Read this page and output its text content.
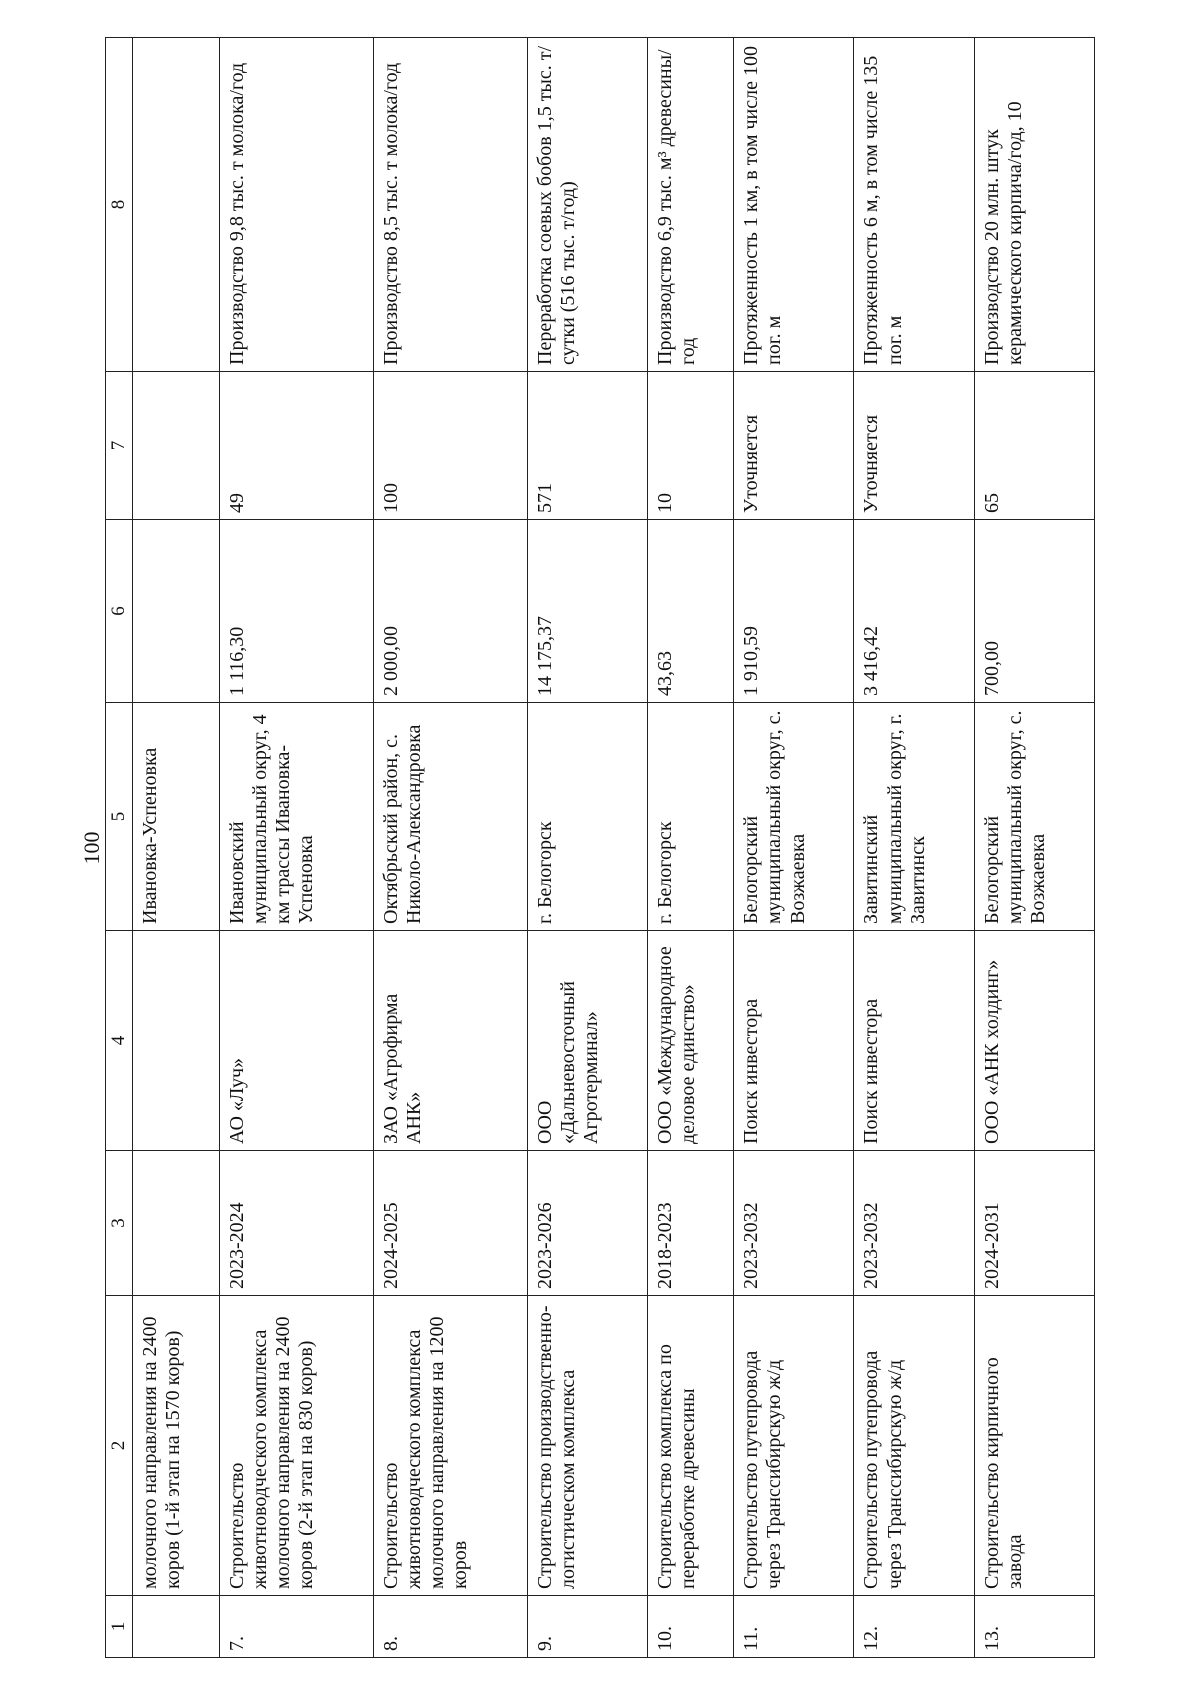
100
1	2	3	4	5	6	7	8
	молочного направления на 2400 коров (1-й этап на 1570 коров)			Ивановка-Успеновка			
7.	Строительство животноводческого комплекса молочного направления на 2400 коров (2-й этап на 830 коров)	2023-2024	АО «Луч»	Ивановский муниципальный округ, 4 км трассы Ивановка-Успеновка	1 116,30	49	Производство 9,8 тыс. т молока/год
8.	Строительство животноводческого комплекса молочного направления на 1200 коров	2024-2025	ЗАО «Агрофирма АНК»	Октябрьский район, с. Николо-Александровка	2 000,00	100	Производство 8,5 тыс. т молока/год
9.	Строительство производственно-логистическом комплекса	2023-2026	ООО «Дальневосточный Агротерминал»	г. Белогорск	14 175,37	571	Переработка соевых бобов 1,5 тыс. т/сутки (516 тыс. т/год)
10.	Строительство комплекса по переработке древесины	2018-2023	ООО «Международное деловое единство»	г. Белогорск	43,63	10	Производство 6,9 тыс. м³ древесины/год
11.	Строительство путепровода через Транссибирскую ж/д	2023-2032	Поиск инвестора	Белогорский муниципальный округ, с. Возжаевка	1 910,59	Уточняется	Протяженность 1 км, в том числе 100 пог. м
12.	Строительство путепровода через Транссибирскую ж/д	2023-2032	Поиск инвестора	Завитинский муниципальный округ, г. Завитинск	3 416,42	Уточняется	Протяженность 6 м, в том числе 135 пог. м
13.	Строительство кирпичного завода	2024-2031	ООО «АНК холдинг»	Белогорский муниципальный округ, с. Возжаевка	700,00	65	Производство 20 млн. штук керамического кирпича/год, 10
